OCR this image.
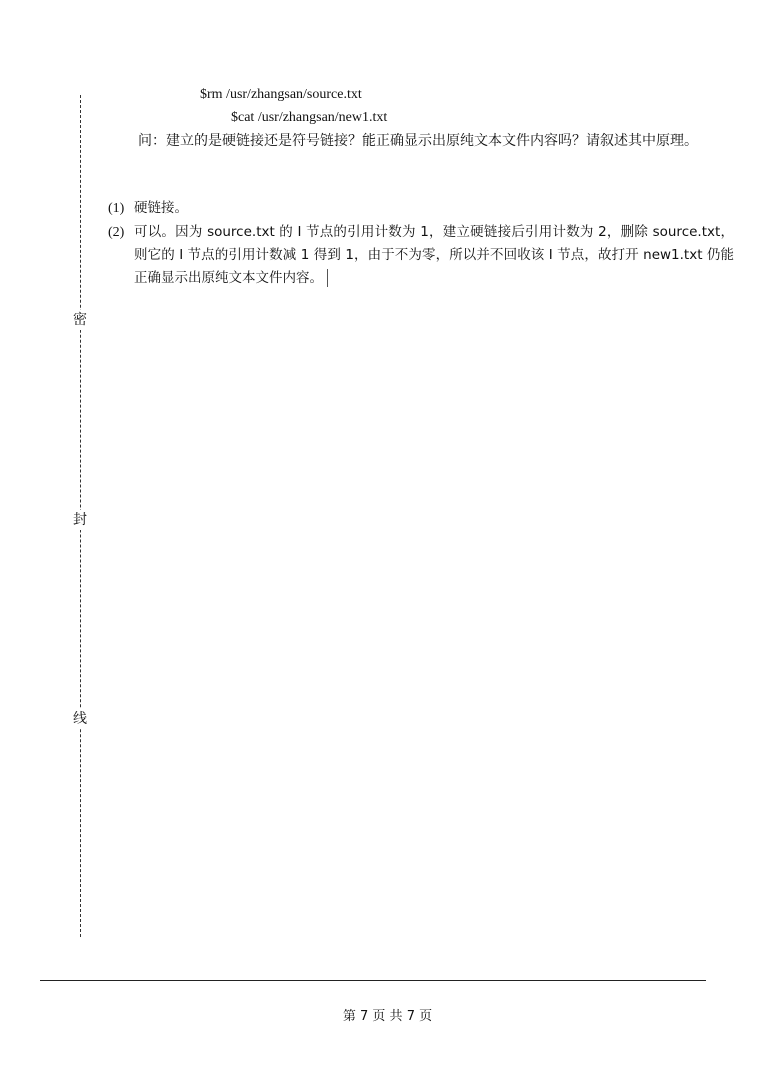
密
封
线
$rm /usr/zhangsan/source.txt
$cat /usr/zhangsan/new1.txt
问：建立的是硬链接还是符号链接？能正确显示出原纯文本文件内容吗？请叙述其中原理。
(1) 硬链接。
(2) 可以。因为 source.txt 的 I 节点的引用计数为 1，建立硬链接后引用计数为 2，删除 source.txt，则它的 I 节点的引用计数减 1 得到 1，由于不为零，所以并不回收该 I 节点，故打开 new1.txt 仍能正确显示出原纯文本文件内容。
第 7 页 共 7 页
